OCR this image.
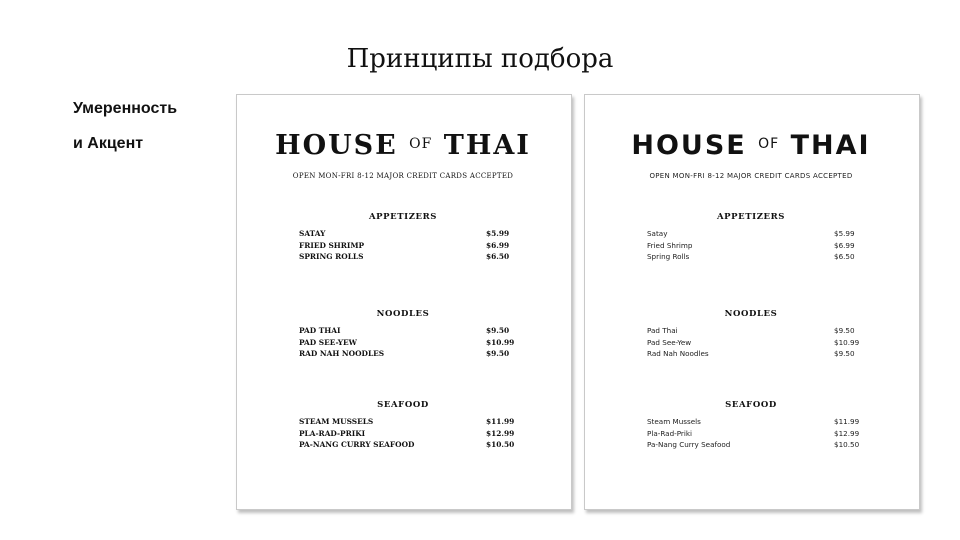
Принципы подбора
Умеренность
и Акцент	HOUSE $^{OF}$ THAI
OPEN MON-FRI 8-12 MAJOR CREDIT CARDS ACCEPTED
APPETIZERS
SATAY	$5.99
FRIED SHRIMP	$6.99
SPRING ROLLS	$6.50
NOODLES
PAD THAI	$9.50
PAD SEE-YEW	$10.99
RAD NAH NOODLES	$9.50
SEAFOOD
STEAM MUSSELS	$11.99
PLA-RAD-PRIKI	$12.99
PA-NANG CURRY SEAFOOD	$10.50
HOUSE $^{OF}$ THAI
OPEN MON-FRI 8-12 MAJOR CREDIT CARDS ACCEPTED
APPETIZERS
Satay	$5.99
Fried Shrimp	$6.99
Spring Rolls	$6.50
NOODLES
Pad Thai	$9.50
Pad See-Yew	$10.99
Rad Nah Noodles	$9.50
SEAFOOD
Steam Mussels	$11.99
Pla-Rad-Priki	$12.99
Pa-Nang Curry Seafood	$10.50
